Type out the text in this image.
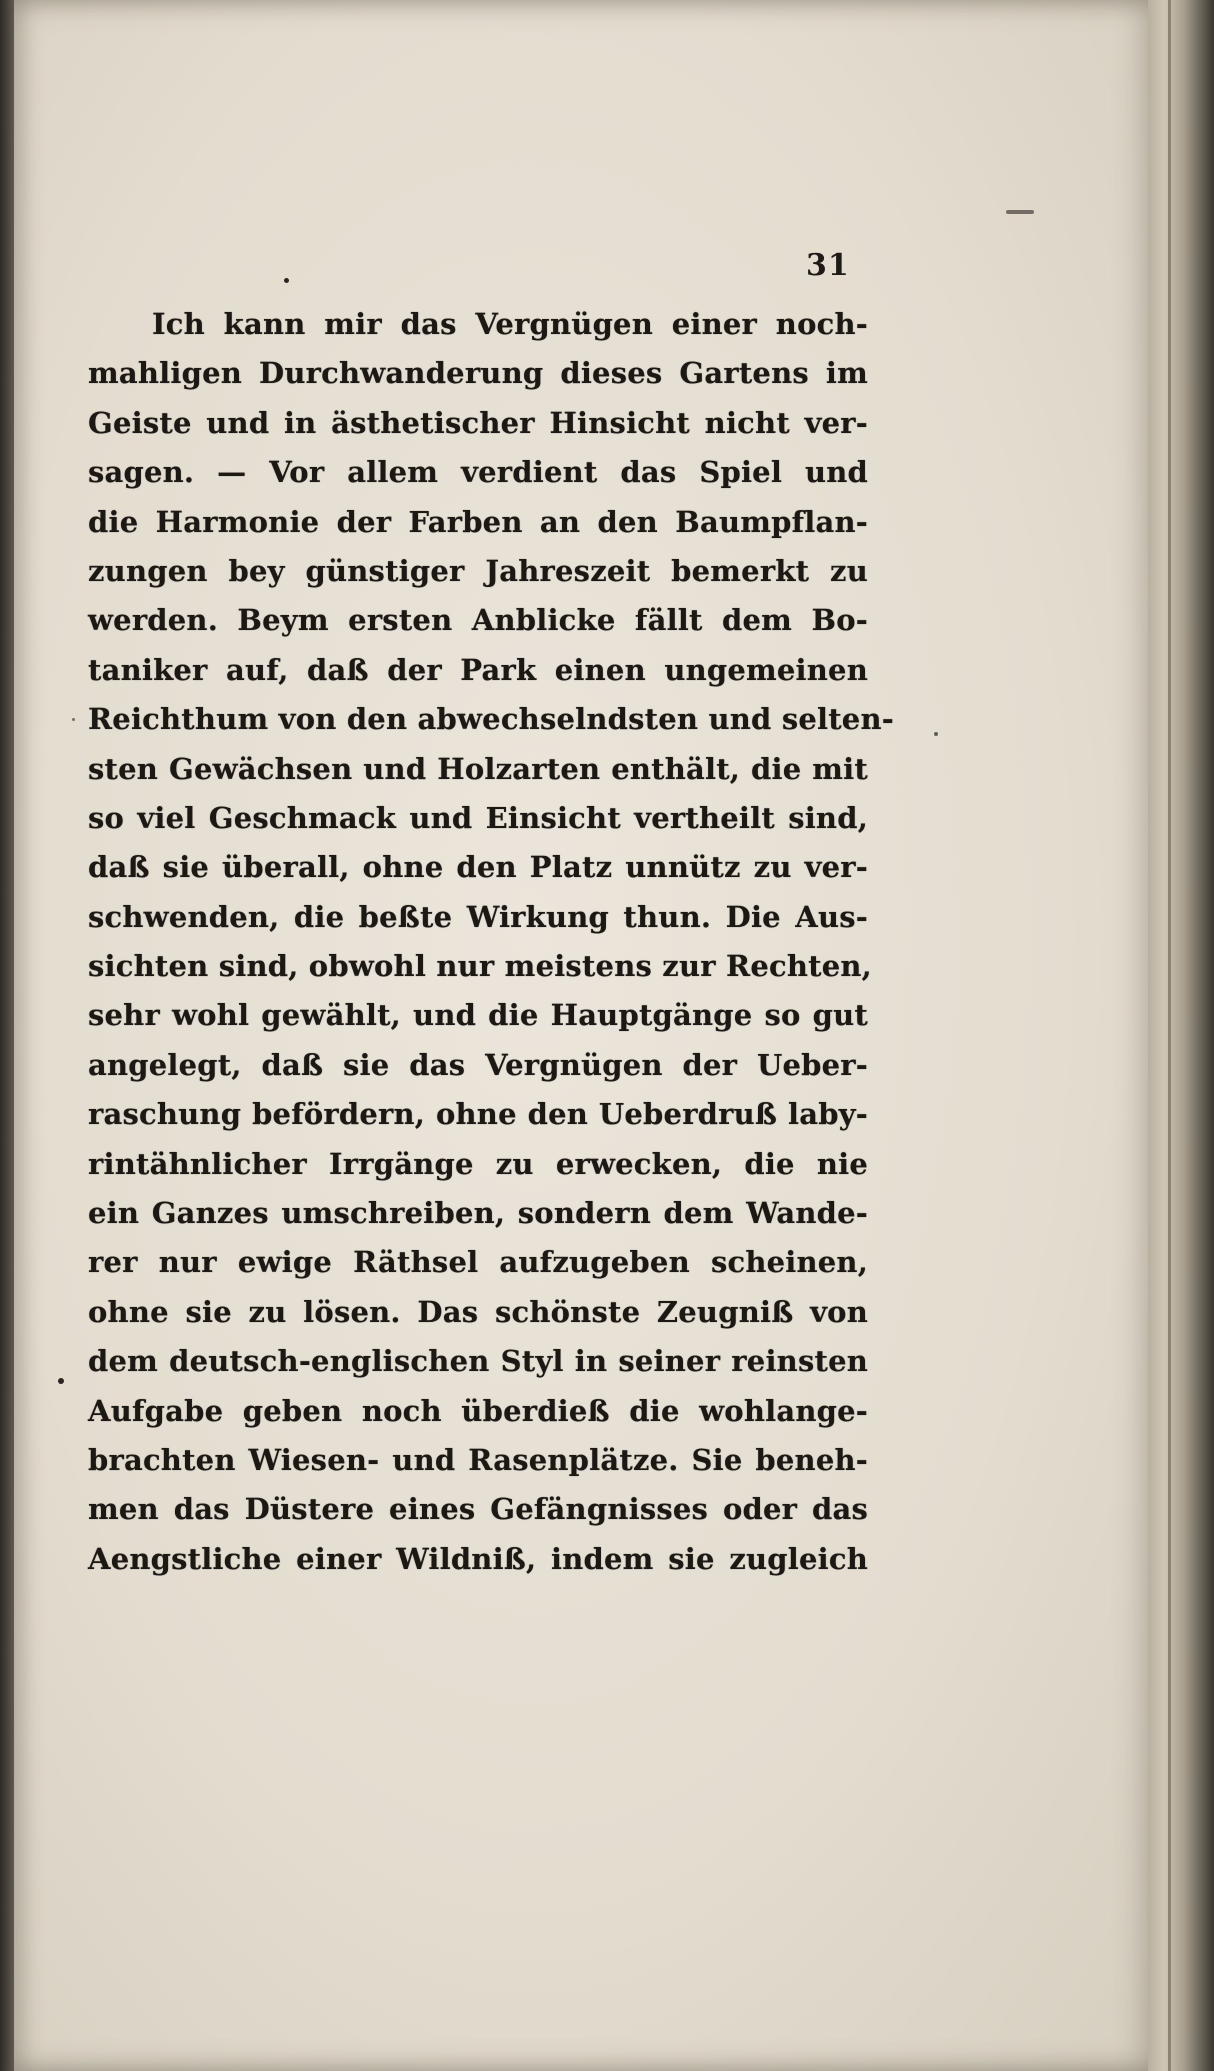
31
Ich kann mir das Vergnügen einer noch-
mahligen Durchwanderung dieses Gartens im
Geiste und in ästhetischer Hinsicht nicht ver-
sagen. — Vor allem verdient das Spiel und
die Harmonie der Farben an den Baumpflan-
zungen bey günstiger Jahreszeit bemerkt zu
werden. Beym ersten Anblicke fällt dem Bo-
taniker auf, daß der Park einen ungemeinen
Reichthum von den abwechselndsten und selten-
sten Gewächsen und Holzarten enthält, die mit
so viel Geschmack und Einsicht vertheilt sind,
daß sie überall, ohne den Platz unnütz zu ver-
schwenden, die beßte Wirkung thun. Die Aus-
sichten sind, obwohl nur meistens zur Rechten,
sehr wohl gewählt, und die Hauptgänge so gut
angelegt, daß sie das Vergnügen der Ueber-
raschung befördern, ohne den Ueberdruß laby-
rintähnlicher Irrgänge zu erwecken, die nie
ein Ganzes umschreiben, sondern dem Wande-
rer nur ewige Räthsel aufzugeben scheinen,
ohne sie zu lösen. Das schönste Zeugniß von
dem deutsch-englischen Styl in seiner reinsten
Aufgabe geben noch überdieß die wohlange-
brachten Wiesen- und Rasenplätze. Sie beneh-
men das Düstere eines Gefängnisses oder das
Aengstliche einer Wildniß, indem sie zugleich
